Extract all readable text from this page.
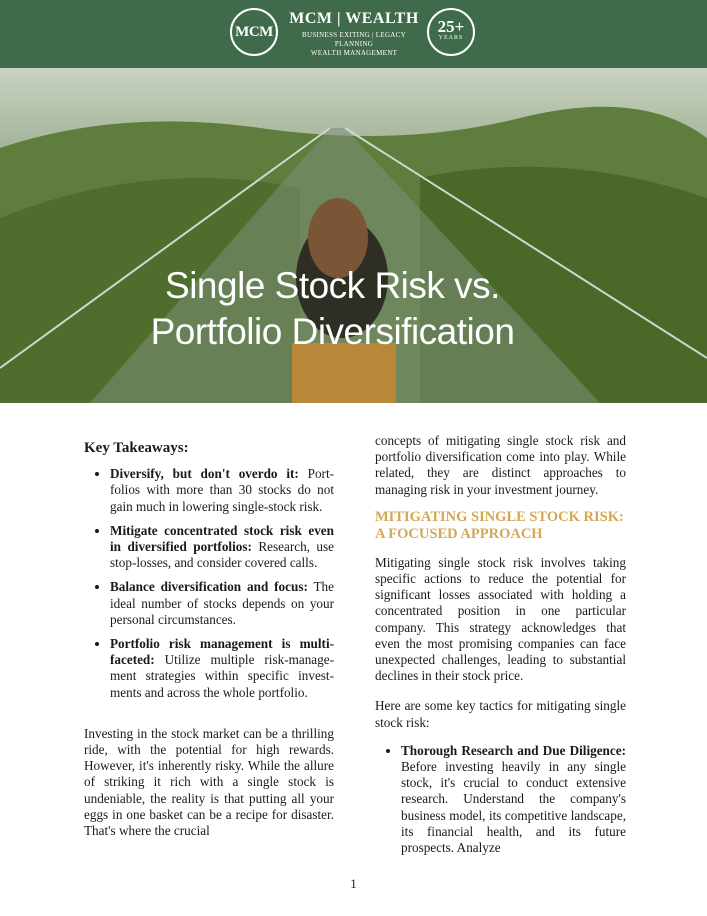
MCM
MCM | WEALTH
BUSINESS EXITING | LEGACY PLANNING
WEALTH MANAGEMENT
25+
YEARS
Single Stock Risk vs.
Portfolio Diversification
Key Takeaways:
• Diversify, but don't overdo it: Port-folios with more than 30 stocks do not gain much in lowering single-stock risk.
• Mitigate concentrated stock risk even in diversified portfolios: Research, use stop-losses, and consider covered calls.
• Balance diversification and focus: The ideal number of stocks depends on your personal circumstances.
• Portfolio risk management is multi-faceted: Utilize multiple risk-manage-ment strategies within specific invest-ments and across the whole portfolio.

Investing in the stock market can be a thrilling ride, with the potential for high rewards. However, it's inherently risky. While the allure of striking it rich with a single stock is undeniable, the reality is that putting all your eggs in one basket can be a recipe for disaster. That's where the crucial

concepts of mitigating single stock risk and portfolio diversification come into play. While related, they are distinct approaches to managing risk in your investment journey.

MITIGATING SINGLE STOCK RISK: A FOCUSED APPROACH

Mitigating single stock risk involves taking specific actions to reduce the potential for significant losses associated with holding a concentrated position in one particular company. This strategy acknowledges that even the most promising companies can face unexpected challenges, leading to substantial declines in their stock price.

Here are some key tactics for mitigating single stock risk:

• Thorough Research and Due Diligence: Before investing heavily in any single stock, it's crucial to conduct extensive research. Understand the company's business model, its competitive landscape, its financial health, and its future prospects. Analyze
1
